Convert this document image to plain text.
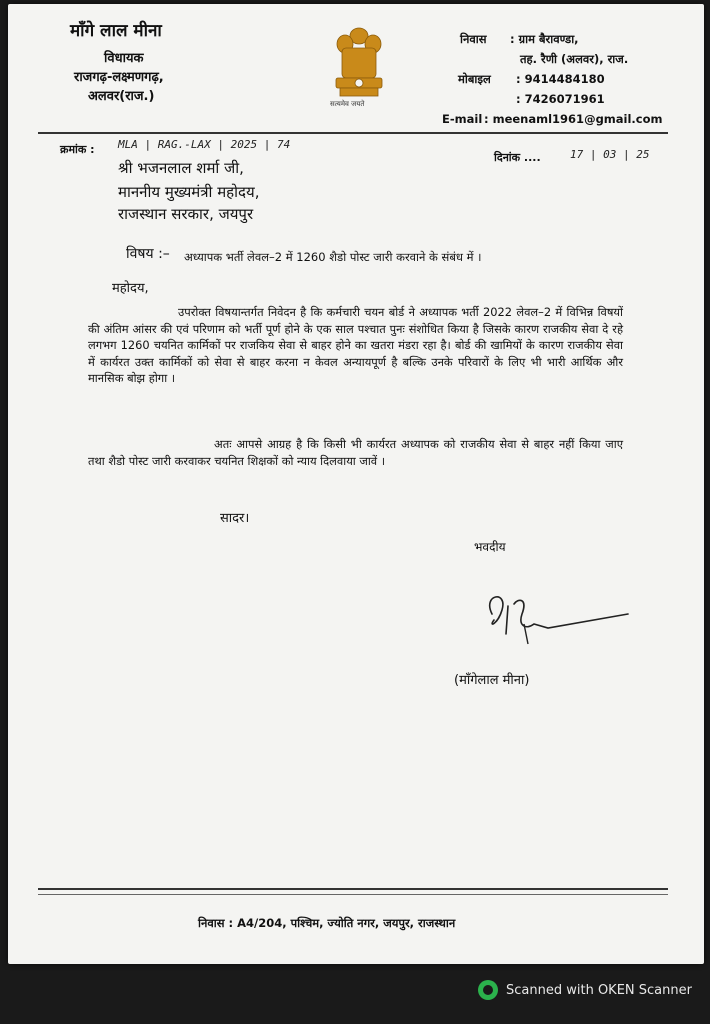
माँगे लाल मीना
विधायक
राजगढ़-लक्ष्मणगढ़,
अलवर(राज.)	सत्यमेव जयते
निवास : ग्राम बैरावण्डा,
तह. रैणी (अलवर), राज.
मोबाइल : 9414484180
: 7426071961
E-mail : meenaml1961@gmail.com
क्रमांक : MLA | RAG.-LAX | 2025 | 74
दिनांक ....	17 | 03 | 25
श्री भजनलाल शर्मा जी,
माननीय मुख्यमंत्री महोदय,
राजस्थान सरकार, जयपुर
विषय :– अध्यापक भर्ती लेवल–2 में 1260 शैडो पोस्ट जारी करवाने के संबंध में ।
महोदय,
उपरोक्त विषयान्तर्गत निवेदन है कि कर्मचारी चयन बोर्ड ने अध्यापक भर्ती 2022 लेवल–2 में विभिन्न विषयों की अंतिम आंसर की एवं परिणाम को भर्ती पूर्ण होने के एक साल पश्चात पुनः संशोधित किया है जिसके कारण राजकीय सेवा दे रहे लगभग 1260 चयनित कार्मिकों पर राजकिय सेवा से बाहर होने का खतरा मंडरा रहा है। बोर्ड की खामियों के कारण राजकीय सेवा में कार्यरत उक्त कार्मिकों को सेवा से बाहर करना न केवल अन्यायपूर्ण है बल्कि उनके परिवारों के लिए भी भारी आर्थिक और मानसिक बोझ होगा ।
अतः आपसे आग्रह है कि किसी भी कार्यरत अध्यापक को राजकीय सेवा से बाहर नहीं किया जाए तथा शैडो पोस्ट जारी करवाकर चयनित शिक्षकों को न्याय दिलवाया जावें ।
सादर।
भवदीय
(माँगेलाल मीना)
निवास : A4/204, पश्चिम, ज्योति नगर, जयपुर, राजस्थान
Scanned with OKEN Scanner
